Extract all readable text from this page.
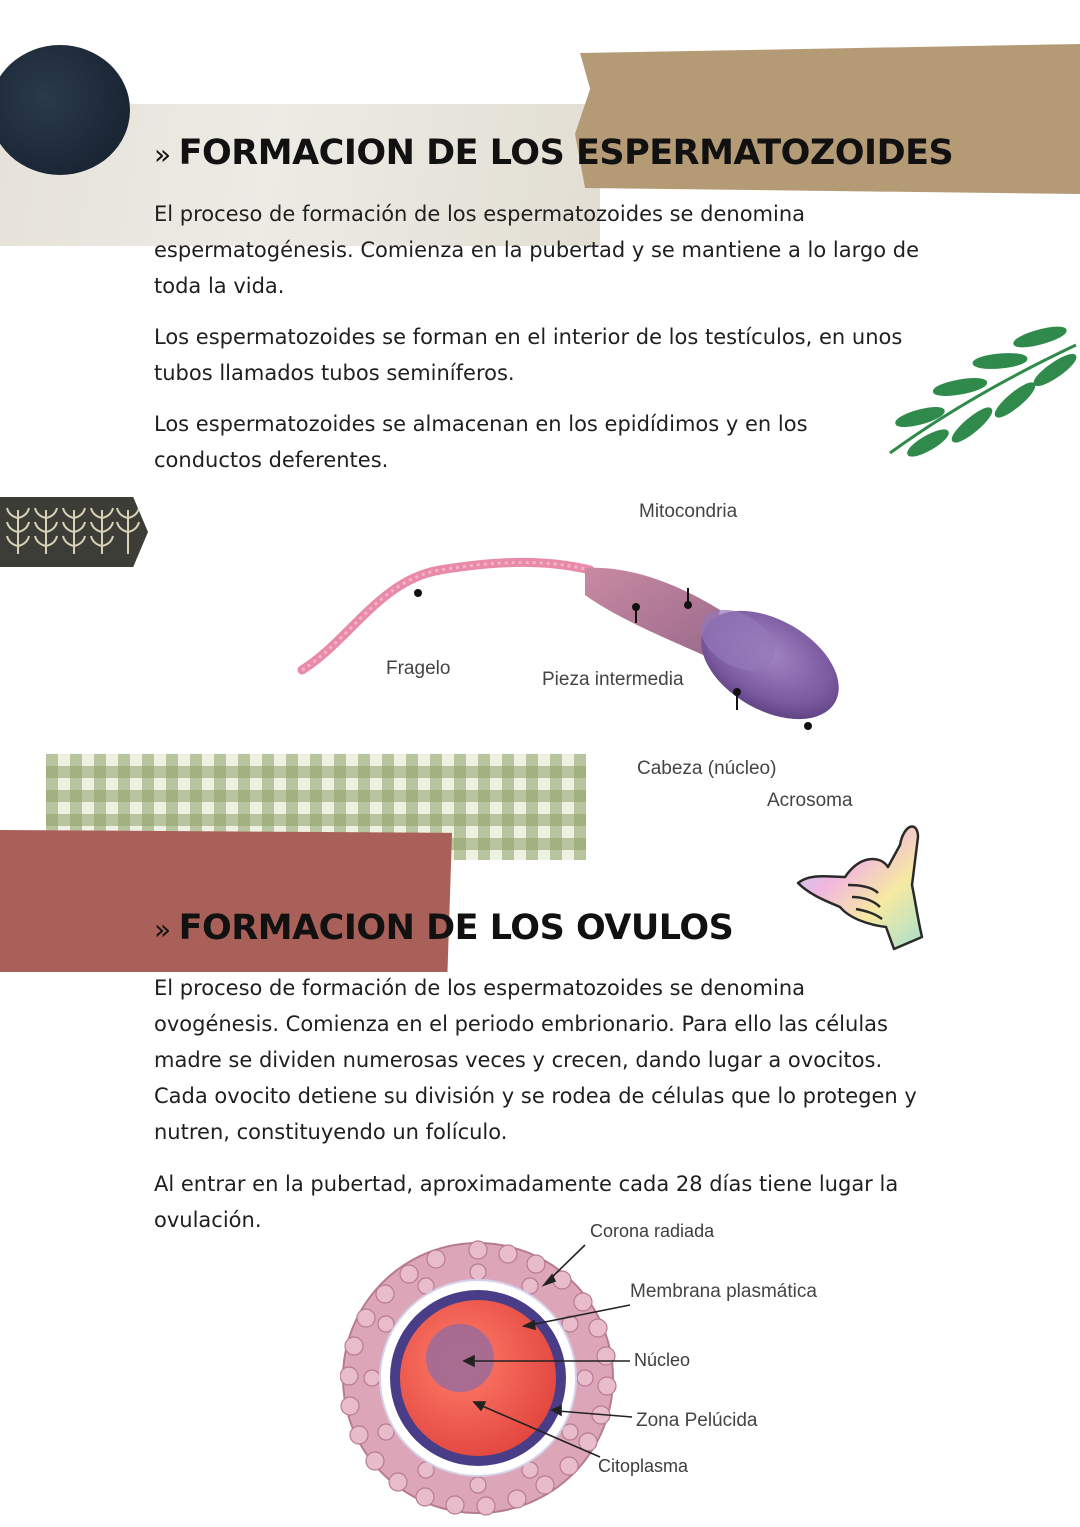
» FORMACION DE LOS ESPERMATOZOIDES

El proceso de formación de los espermatozoides se denomina espermatogénesis. Comienza en la pubertad y se mantiene a lo largo de toda la vida.

Los espermatozoides se forman en el interior de los testículos, en unos tubos llamados tubos seminíferos.

Los espermatozoides se almacenan en los epidídimos y en los conductos deferentes.

Mitocondria
Fragelo
Pieza intermedia
Cabeza (núcleo)
Acrosoma
» FORMACION DE LOS OVULOS

El proceso de formación de los espermatozoides se denomina ovogénesis. Comienza en el periodo embrionario. Para ello las células madre se dividen numerosas veces y crecen, dando lugar a ovocitos. Cada ovocito detiene su división y se rodea de células que lo protegen y nutren, constituyendo un folículo.

Al entrar en la pubertad, aproximadamente cada 28 días tiene lugar la ovulación.	Corona radiada
Membrana plasmática
Núcleo
Zona Pelúcida
Citoplasma
